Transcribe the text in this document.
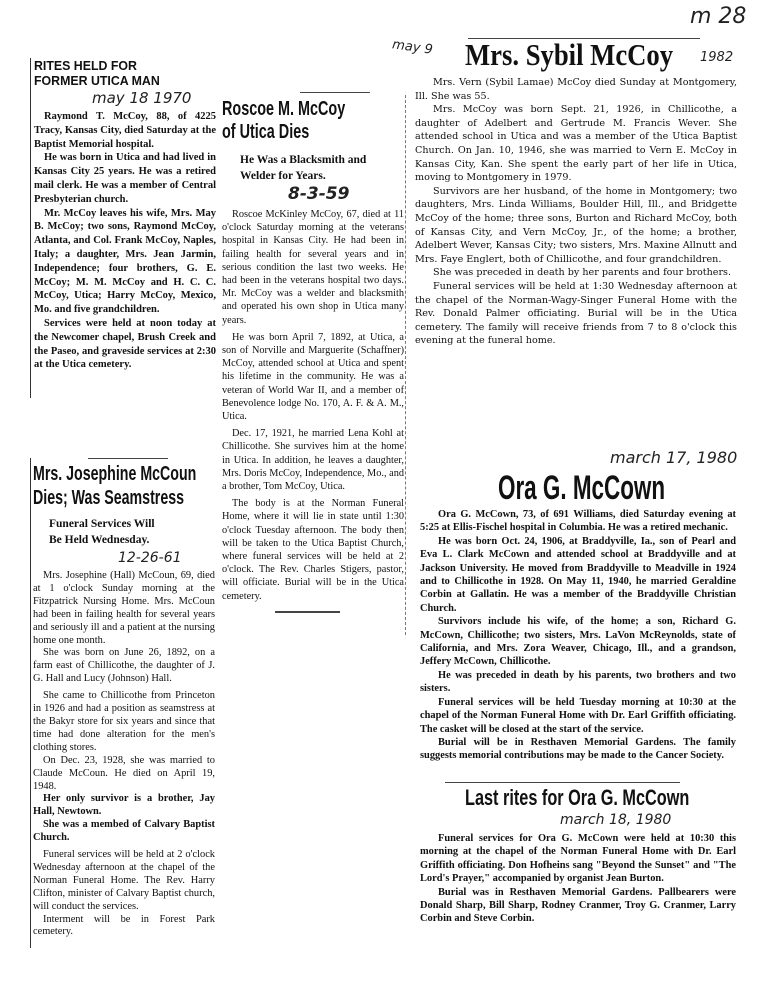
m 28
RITES HELD FOR
FORMER UTICA MAN
may 18 1970

Raymond T. McCoy, 88, of 4225 Tracy, Kansas City, died Saturday at the Baptist Memorial hospital.

He was born in Utica and had lived in Kansas City 25 years. He was a retired mail clerk. He was a member of Central Presbyterian church.

Mr. McCoy leaves his wife, Mrs. May B. McCoy; two sons, Raymond McCoy, Atlanta, and Col. Frank McCoy, Naples, Italy; a daughter, Mrs. Jean Jarmin, Independence; four brothers, G. E. McCoy; M. M. McCoy and H. C. C. McCoy, Utica; Harry McCoy, Mexico, Mo. and five grandchildren.

Services were held at noon today at the Newcomer chapel, Brush Creek and the Paseo, and graveside services at 2:30 at the Utica cemetery.

Roscoe M. McCoy
of Utica Dies
He Was a Blacksmith and
Welder for Years.
8-3-59

Roscoe McKinley McCoy, 67, died at 11 o'clock Saturday morning at the veterans hospital in Kansas City. He had been in failing health for several years and in serious condition the last two weeks. He had been in the veterans hospital two days. Mr. McCoy was a welder and blacksmith and operated his own shop in Utica many years.

He was born April 7, 1892, at Utica, a son of Norville and Marguerite (Schaffner) McCoy, attended school at Utica and spent his lifetime in the community. He was a veteran of World War II, and a member of Benevolence lodge No. 170, A. F. & A. M., Utica.

Dec. 17, 1921, he married Lena Kohl at Chillicothe. She survives him at the home in Utica. In addition, he leaves a daughter, Mrs. Doris McCoy, Independence, Mo., and a brother, Tom McCoy, Utica.

The body is at the Norman Funeral Home, where it will lie in state until 1:30 o'clock Tuesday afternoon. The body then will be taken to the Utica Baptist Church, where funeral services will be held at 2 o'clock. The Rev. Charles Stigers, pastor, will officiate. Burial will be in the Utica cemetery.

Mrs. Josephine McCoun
Dies; Was Seamstress
Funeral Services Will
Be Held Wednesday.
12-26-61

Mrs. Josephine (Hall) McCoun, 69, died at 1 o'clock Sunday morning at the Fitzpatrick Nursing Home. Mrs. McCoun had been in failing health for several years and seriously ill and a patient at the nursing home one month.

She was born on June 26, 1892, on a farm east of Chillicothe, the daughter of J. G. Hall and Lucy (Johnson) Hall.

She came to Chillicothe from Princeton in 1926 and had a position as seamstress at the Bakyr store for six years and since that time had done alteration for the men's clothing stores.

On Dec. 23, 1928, she was married to Claude McCoun. He died on April 19, 1948.

Her only survivor is a brother, Jay Hall, Newtown.

She was a membed of Calvary Baptist Church.

Funeral services will be held at 2 o'clock Wednesday afternoon at the chapel of the Norman Funeral Home. The Rev. Harry Clifton, minister of Calvary Baptist church, will conduct the services.

Interment will be in Forest Park cemetery.

Mrs. Sybil McCoy
may 9	1982

Mrs. Vern (Sybil Lamae) McCoy died Sunday at Montgomery, Ill. She was 55.

Mrs. McCoy was born Sept. 21, 1926, in Chillicothe, a daughter of Adelbert and Gertrude M. Francis Wever. She attended school in Utica and was a member of the Utica Baptist Church. On Jan. 10, 1946, she was married to Vern E. McCoy in Kansas City, Kan. She spent the early part of her life in Utica, moving to Montgomery in 1979.

Survivors are her husband, of the home in Montgomery; two daughters, Mrs. Linda Williams, Boulder Hill, Ill., and Bridgette McCoy of the home; three sons, Burton and Richard McCoy, both of Kansas City, and Vern McCoy, Jr., of the home; a brother, Adelbert Wever, Kansas City; two sisters, Mrs. Maxine Allnutt and Mrs. Faye Englert, both of Chillicothe, and four grandchildren.

She was preceded in death by her parents and four brothers.

Funeral services will be held at 1:30 Wednesday afternoon at the chapel of the Norman-Wagy-Singer Funeral Home with the Rev. Donald Palmer officiating. Burial will be in the Utica cemetery. The family will receive friends from 7 to 8 o'clock this evening at the funeral home.

march 17, 1980
Ora G. McCown

Ora G. McCown, 73, of 691 Williams, died Saturday evening at 5:25 at Ellis-Fischel hospital in Columbia. He was a retired mechanic.

He was born Oct. 24, 1906, at Braddyville, Ia., son of Pearl and Eva L. Clark McCown and attended school at Braddyville and at Jackson University. He moved from Braddyville to Meadville in 1924 and to Chillicothe in 1928. On May 11, 1940, he married Geraldine Corbin at Gallatin. He was a member of the Braddyville Christian Church.

Survivors include his wife, of the home; a son, Richard G. McCown, Chillicothe; two sisters, Mrs. LaVon McReynolds, state of California, and Mrs. Zora Weaver, Chicago, Ill., and a grandson, Jeffery McCown, Chillicothe.

He was preceded in death by his parents, two brothers and two sisters.

Funeral services will be held Tuesday morning at 10:30 at the chapel of the Norman Funeral Home with Dr. Earl Griffith officiating. The casket will be closed at the start of the service.

Burial will be in Resthaven Memorial Gardens. The family suggests memorial contributions may be made to the Cancer Society.

Last rites for Ora G. McCown
march 18, 1980

Funeral services for Ora G. McCown were held at 10:30 this morning at the chapel of the Norman Funeral Home with Dr. Earl Griffith officiating. Don Hofheins sang "Beyond the Sunset" and "The Lord's Prayer," accompanied by organist Jean Burton.

Burial was in Resthaven Memorial Gardens. Pallbearers were Donald Sharp, Bill Sharp, Rodney Cranmer, Troy G. Cranmer, Larry Corbin and Steve Corbin.
